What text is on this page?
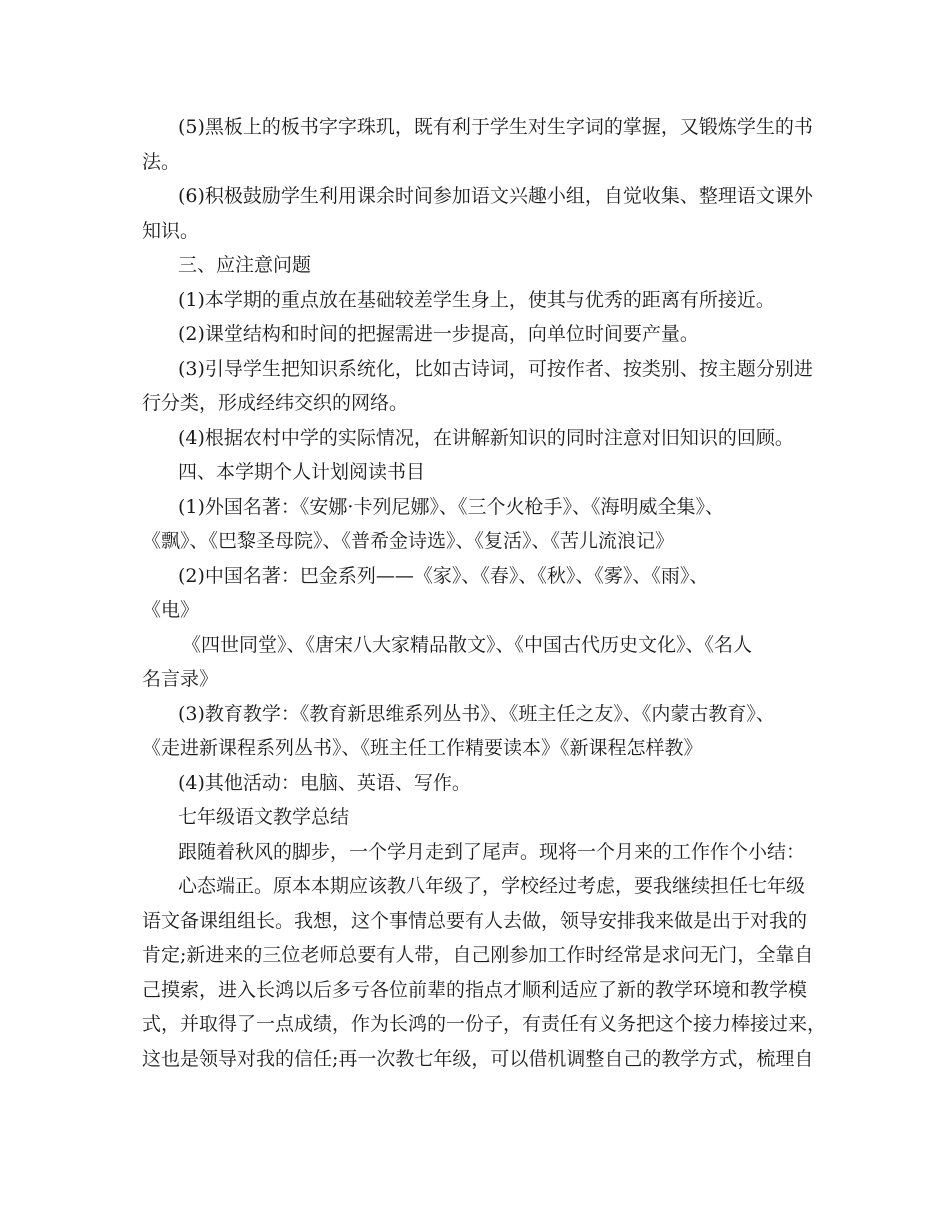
(5)黑板上的板书字字珠玑，既有利于学生对生字词的掌握，又锻炼学生的书
法。
(6)积极鼓励学生利用课余时间参加语文兴趣小组，自觉收集、整理语文课外
知识。
三、应注意问题
(1)本学期的重点放在基础较差学生身上，使其与优秀的距离有所接近。
(2)课堂结构和时间的把握需进一步提高，向单位时间要产量。
(3)引导学生把知识系统化，比如古诗词，可按作者、按类别、按主题分别进
行分类，形成经纬交织的网络。
(4)根据农村中学的实际情况，在讲解新知识的同时注意对旧知识的回顾。
四、本学期个人计划阅读书目
(1)外国名著：《安娜·卡列尼娜》、《三个火枪手》、《海明威全集》、
《飘》、《巴黎圣母院》、《普希金诗选》、《复活》、《苦儿流浪记》
(2)中国名著：巴金系列——《家》、《春》、《秋》、《雾》、《雨》、
《电》
《四世同堂》、《唐宋八大家精品散文》、《中国古代历史文化》、《名人
名言录》
(3)教育教学：《教育新思维系列丛书》、《班主任之友》、《内蒙古教育》、
《走进新课程系列丛书》、《班主任工作精要读本》《新课程怎样教》
(4)其他活动：电脑、英语、写作。
七年级语文教学总结
跟随着秋风的脚步，一个学月走到了尾声。现将一个月来的工作作个小结：
心态端正。原本本期应该教八年级了，学校经过考虑，要我继续担任七年级
语文备课组组长。我想，这个事情总要有人去做，领导安排我来做是出于对我的
肯定;新进来的三位老师总要有人带，自己刚参加工作时经常是求问无门，全靠自
己摸索，进入长鸿以后多亏各位前辈的指点才顺利适应了新的教学环境和教学模
式，并取得了一点成绩，作为长鸿的一份子，有责任有义务把这个接力棒接过来，
这也是领导对我的信任;再一次教七年级，可以借机调整自己的教学方式，梳理自
